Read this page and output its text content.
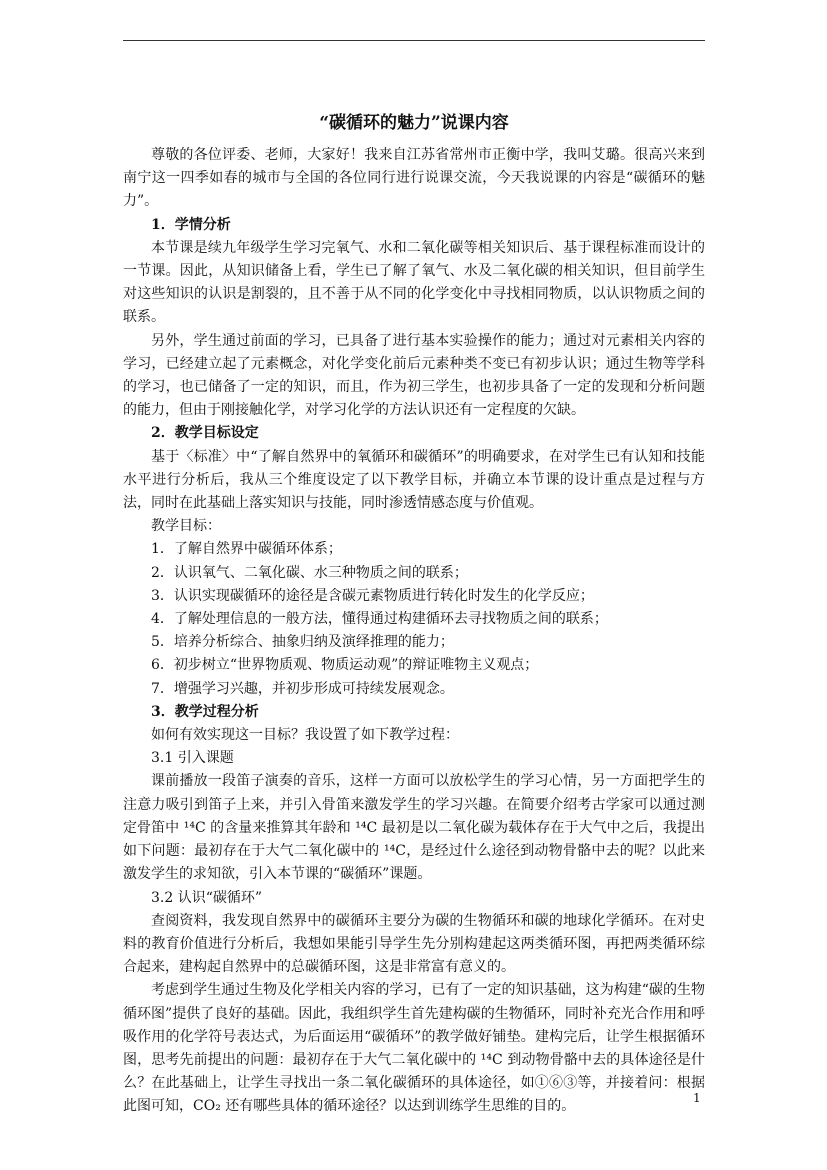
“碳循环的魅力”说课内容

尊敬的各位评委、老师，大家好！我来自江苏省常州市正衡中学，我叫艾璐。很高兴来到南宁这一四季如春的城市与全国的各位同行进行说课交流，今天我说课的内容是“碳循环的魅力”。

1．学情分析

本节课是续九年级学生学习完氧气、水和二氧化碳等相关知识后、基于课程标准而设计的一节课。因此，从知识储备上看，学生已了解了氧气、水及二氧化碳的相关知识，但目前学生对这些知识的认识是割裂的，且不善于从不同的化学变化中寻找相同物质，以认识物质之间的联系。

另外，学生通过前面的学习，已具备了进行基本实验操作的能力；通过对元素相关内容的学习，已经建立起了元素概念，对化学变化前后元素种类不变已有初步认识；通过生物等学科的学习，也已储备了一定的知识，而且，作为初三学生，也初步具备了一定的发现和分析问题的能力，但由于刚接触化学，对学习化学的方法认识还有一定程度的欠缺。

2．教学目标设定

基于〈标准〉中“了解自然界中的氧循环和碳循环”的明确要求，在对学生已有认知和技能水平进行分析后，我从三个维度设定了以下教学目标，并确立本节课的设计重点是过程与方法，同时在此基础上落实知识与技能，同时渗透情感态度与价值观。

教学目标：

1．了解自然界中碳循环体系；

2．认识氧气、二氧化碳、水三种物质之间的联系；

3．认识实现碳循环的途径是含碳元素物质进行转化时发生的化学反应；

4．了解处理信息的一般方法，懂得通过构建循环去寻找物质之间的联系；

5．培养分析综合、抽象归纳及演绎推理的能力；

6．初步树立“世界物质观、物质运动观”的辩证唯物主义观点；

7．增强学习兴趣，并初步形成可持续发展观念。

3．教学过程分析

如何有效实现这一目标？我设置了如下教学过程：

3.1 引入课题

课前播放一段笛子演奏的音乐，这样一方面可以放松学生的学习心情，另一方面把学生的注意力吸引到笛子上来，并引入骨笛来激发学生的学习兴趣。在简要介绍考古学家可以通过测定骨笛中 ¹⁴C 的含量来推算其年龄和 ¹⁴C 最初是以二氧化碳为载体存在于大气中之后，我提出如下问题：最初存在于大气二氧化碳中的 ¹⁴C，是经过什么途径到动物骨骼中去的呢？以此来激发学生的求知欲，引入本节课的“碳循环”课题。

3.2 认识“碳循环”

查阅资料，我发现自然界中的碳循环主要分为碳的生物循环和碳的地球化学循环。在对史料的教育价值进行分析后，我想如果能引导学生先分别构建起这两类循环图，再把两类循环综合起来，建构起自然界中的总碳循环图，这是非常富有意义的。

考虑到学生通过生物及化学相关内容的学习，已有了一定的知识基础，这为构建“碳的生物循环图”提供了良好的基础。因此，我组织学生首先建构碳的生物循环，同时补充光合作用和呼吸作用的化学符号表达式，为后面运用“碳循环”的教学做好铺垫。建构完后，让学生根据循环图，思考先前提出的问题：最初存在于大气二氧化碳中的 ¹⁴C 到动物骨骼中去的具体途径是什么？在此基础上，让学生寻找出一条二氧化碳循环的具体途径，如①⑥③等，并接着问：根据此图可知，CO₂ 还有哪些具体的循环途径？以达到训练学生思维的目的。

1
